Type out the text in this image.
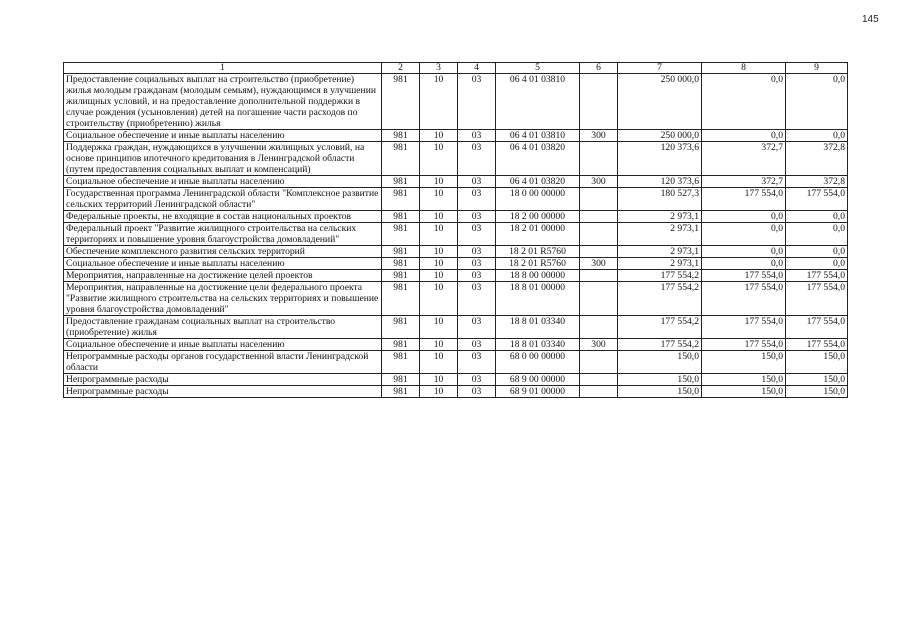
145
1	2	3	4	5	6	7	8	9
Предоставление социальных выплат на строительство (приобретение) жилья молодым гражданам (молодым семьям), нуждающимся в улучшении жилищных условий, и на предоставление дополнительной поддержки в случае рождения (усыновления) детей на погашение части расходов по строительству (приобретению) жилья	981	10	03	06 4 01 03810		250 000,0	0,0	0,0
Социальное обеспечение и иные выплаты населению	981	10	03	06 4 01 03810	300	250 000,0	0,0	0,0
Поддержка граждан, нуждающихся в улучшении жилищных условий, на основе принципов ипотечного кредитования в Ленинградской области (путем предоставления социальных выплат и компенсаций)	981	10	03	06 4 01 03820		120 373,6	372,7	372,8
Социальное обеспечение и иные выплаты населению	981	10	03	06 4 01 03820	300	120 373,6	372,7	372,8
Государственная программа Ленинградской области "Комплексное развитие сельских территорий Ленинградской области"	981	10	03	18 0 00 00000		180 527,3	177 554,0	177 554,0
Федеральные проекты, не входящие в состав национальных проектов	981	10	03	18 2 00 00000		2 973,1	0,0	0,0
Федеральный проект "Развитие жилищного строительства на сельских территориях и повышение уровня благоустройства домовладений"	981	10	03	18 2 01 00000		2 973,1	0,0	0,0
Обеспечение комплексного развития сельских территорий	981	10	03	18 2 01 R5760		2 973,1	0,0	0,0
Социальное обеспечение и иные выплаты населению	981	10	03	18 2 01 R5760	300	2 973,1	0,0	0,0
Мероприятия, направленные на достижение целей проектов	981	10	03	18 8 00 00000		177 554,2	177 554,0	177 554,0
Мероприятия, направленные на достижение цели федерального проекта "Развитие жилищного строительства на сельских территориях и повышение уровня благоустройства домовладений"	981	10	03	18 8 01 00000		177 554,2	177 554,0	177 554,0
Предоставление гражданам социальных выплат на строительство (приобретение) жилья	981	10	03	18 8 01 03340		177 554,2	177 554,0	177 554,0
Социальное обеспечение и иные выплаты населению	981	10	03	18 8 01 03340	300	177 554,2	177 554,0	177 554,0
Непрограммные расходы органов государственной власти Ленинградской области	981	10	03	68 0 00 00000		150,0	150,0	150,0
Непрограммные расходы	981	10	03	68 9 00 00000		150,0	150,0	150,0
Непрограммные расходы	981	10	03	68 9 01 00000		150,0	150,0	150,0
